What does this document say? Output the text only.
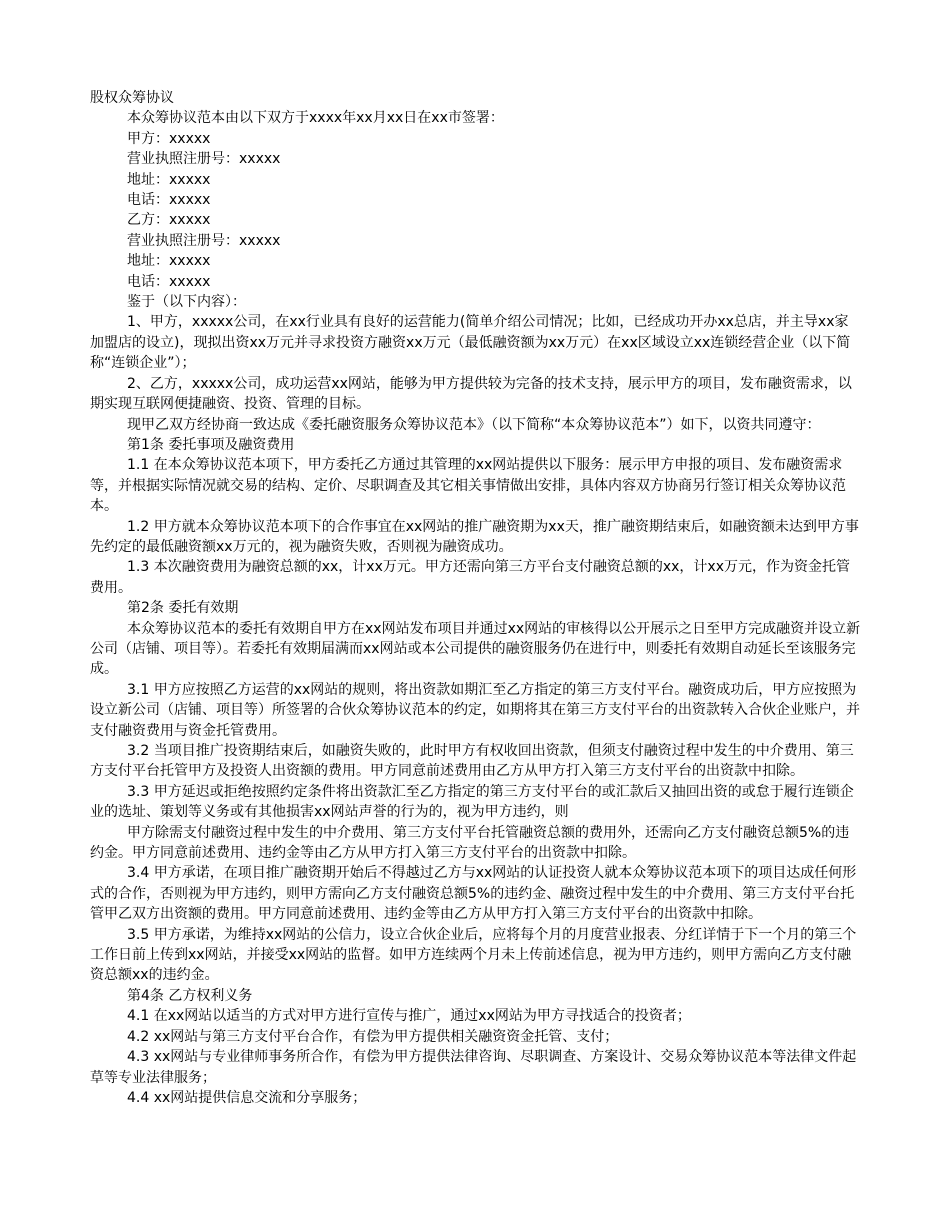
股权众筹协议

本众筹协议范本由以下双方于xxxx年xx月xx日在xx市签署：

甲方：xxxxx

营业执照注册号：xxxxx

地址：xxxxx

电话：xxxxx

乙方：xxxxx

营业执照注册号：xxxxx

地址：xxxxx

电话：xxxxx

鉴于（以下内容）：

1、甲方，xxxxx公司，在xx行业具有良好的运营能力(简单介绍公司情况；比如，已经成功开办xx总店，并主导xx家加盟店的设立)，现拟出资xx万元并寻求投资方融资xx万元（最低融资额为xx万元）在xx区域设立xx连锁经营企业（以下简称“连锁企业”）；

2、乙方，xxxxx公司，成功运营xx网站，能够为甲方提供较为完备的技术支持，展示甲方的项目，发布融资需求，以期实现互联网便捷融资、投资、管理的目标。

现甲乙双方经协商一致达成《委托融资服务众筹协议范本》（以下简称“本众筹协议范本”）如下，以资共同遵守：

第1条 委托事项及融资费用

1.1 在本众筹协议范本项下，甲方委托乙方通过其管理的xx网站提供以下服务：展示甲方申报的项目、发布融资需求等，并根据实际情况就交易的结构、定价、尽职调查及其它相关事情做出安排，具体内容双方协商另行签订相关众筹协议范本。

1.2 甲方就本众筹协议范本项下的合作事宜在xx网站的推广融资期为xx天，推广融资期结束后，如融资额未达到甲方事先约定的最低融资额xx万元的，视为融资失败，否则视为融资成功。

1.3 本次融资费用为融资总额的xx，计xx万元。甲方还需向第三方平台支付融资总额的xx，计xx万元，作为资金托管费用。

第2条 委托有效期

本众筹协议范本的委托有效期自甲方在xx网站发布项目并通过xx网站的审核得以公开展示之日至甲方完成融资并设立新公司（店铺、项目等）。若委托有效期届满而xx网站或本公司提供的融资服务仍在进行中，则委托有效期自动延长至该服务完成。

3.1 甲方应按照乙方运营的xx网站的规则，将出资款如期汇至乙方指定的第三方支付平台。融资成功后，甲方应按照为设立新公司（店铺、项目等）所签署的合伙众筹协议范本的约定，如期将其在第三方支付平台的出资款转入合伙企业账户，并支付融资费用与资金托管费用。

3.2 当项目推广投资期结束后，如融资失败的，此时甲方有权收回出资款，但须支付融资过程中发生的中介费用、第三方支付平台托管甲方及投资人出资额的费用。甲方同意前述费用由乙方从甲方打入第三方支付平台的出资款中扣除。

3.3 甲方延迟或拒绝按照约定条件将出资款汇至乙方指定的第三方支付平台的或汇款后又抽回出资的或怠于履行连锁企业的选址、策划等义务或有其他损害xx网站声誉的行为的，视为甲方违约，则

甲方除需支付融资过程中发生的中介费用、第三方支付平台托管融资总额的费用外，还需向乙方支付融资总额5%的违约金。甲方同意前述费用、违约金等由乙方从甲方打入第三方支付平台的出资款中扣除。

3.4 甲方承诺，在项目推广融资期开始后不得越过乙方与xx网站的认证投资人就本众筹协议范本项下的项目达成任何形式的合作，否则视为甲方违约，则甲方需向乙方支付融资总额5%的违约金、融资过程中发生的中介费用、第三方支付平台托管甲乙双方出资额的费用。甲方同意前述费用、违约金等由乙方从甲方打入第三方支付平台的出资款中扣除。

3.5 甲方承诺，为维持xx网站的公信力，设立合伙企业后，应将每个月的月度营业报表、分红详情于下一个月的第三个工作日前上传到xx网站，并接受xx网站的监督。如甲方连续两个月未上传前述信息，视为甲方违约，则甲方需向乙方支付融资总额xx的违约金。

第4条 乙方权利义务

4.1 在xx网站以适当的方式对甲方进行宣传与推广，通过xx网站为甲方寻找适合的投资者；

4.2 xx网站与第三方支付平台合作，有偿为甲方提供相关融资资金托管、支付；

4.3 xx网站与专业律师事务所合作，有偿为甲方提供法律咨询、尽职调查、方案设计、交易众筹协议范本等法律文件起草等专业法律服务；

4.4 xx网站提供信息交流和分享服务；
